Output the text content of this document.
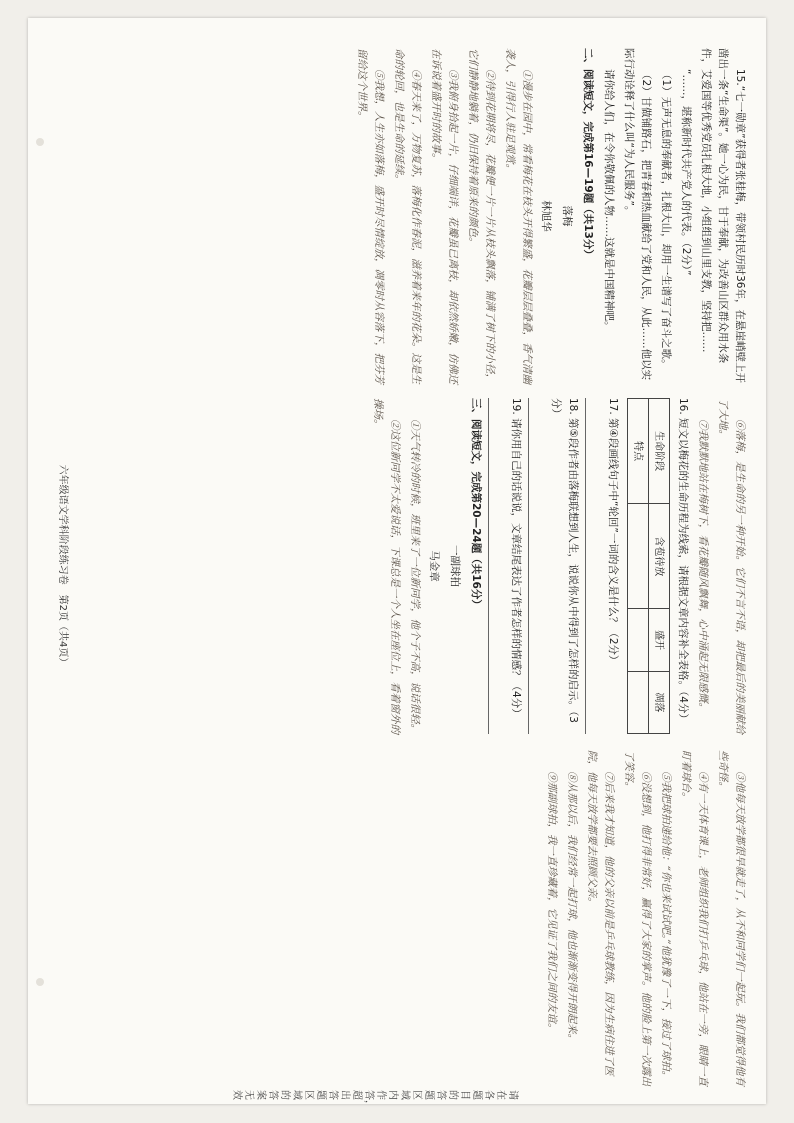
15.“七一勋章”获得者张桂梅，带领村民历时36年，在悬崖峭壁上开凿出一条“生命渠”。她一心为民，甘于奉献，为改善山区群众用水条件，艾爱国等优秀党员扎根大地，小组组到山里支教，坚持把……

“……，堪称新时代共产党人的代表。（2分）”

（1）无声无息的奉献者，扎根大山，却用一生谱写了奋斗之歌。

（2）甘做铺路石，把青春和热血献给了党和人民，从此……他以实际行动诠释了什么叫“为人民服务”。

请你给人们，在令你敬佩的人物……这就是中国精神吧。

二、阅读短文，完成第16—19题（共13分）
落梅
林旭华

①漫步在园中，常看梅花在枝头开得繁盛，花瓣层层叠叠，香气清幽袭人，引得行人驻足观赏。

②待到花期将尽，花瓣便一片一片从枝头飘落，铺满了树下的小径，它们静静地躺着，仍旧保持着原来的颜色。

③我俯身拾起一片，仔细端详，花瓣虽已离枝，却依然娇嫩，仿佛还在诉说着盛开时的故事。

④春天来了，万物复苏，落梅化作春泥，滋养着来年的花朵。这是生命的轮回，也是生命的延续。

⑤我想，人生亦如落梅，盛开时尽情绽放，凋零时从容落下，把芬芳留给这个世界。

⑥落梅，是生命的另一种开始。它们不言不语，却把最后的美丽献给了大地。

⑦我默默地站在梅树下，看花瓣随风飘舞，心中涌起无限感慨。

16. 短文以梅花的生命历程为线索，请根据文章内容补全表格。（4分）
生命阶段	含苞待放	盛开	凋落
特点			
17. 第④段画线句子中“轮回”一词的含义是什么？（2分）
18. 第⑤段作者由落梅联想到人生，说说你从中得到了怎样的启示。（3分）
19. 请你用自己的话说说，文章结尾表达了作者怎样的情感？（4分）
三、阅读短文，完成第20—24题（共16分）
一副球拍
马金章

①天气转冷的时候，班里来了一位新同学，他个子不高，说话很轻。

②这位新同学不太爱说话，下课总是一个人坐在座位上，看着窗外的操场。

六年级语文学科阶段练习卷　第2页（共4页）

③他每天放学都很早就走了，从不和同学们一起玩。我们都觉得他有些奇怪。

④有一天体育课上，老师组织我们打乒乓球，他站在一旁，眼睛一直盯着球台。

⑤我把球拍递给他：“你也来试试吧。”他犹豫了一下，接过了球拍。

⑥没想到，他打得非常好，赢得了大家的掌声。他的脸上第一次露出了笑容。

⑦后来我才知道，他的父亲以前是乒乓球教练，因为生病住进了医院，他每天放学都要去照顾父亲。

⑧从那以后，我们经常一起打球，他也渐渐变得开朗起来。

⑨那副球拍，我一直珍藏着，它见证了我们之间的友谊。

请在各题目的答题区域内作答，超出答题区域的答案无效
